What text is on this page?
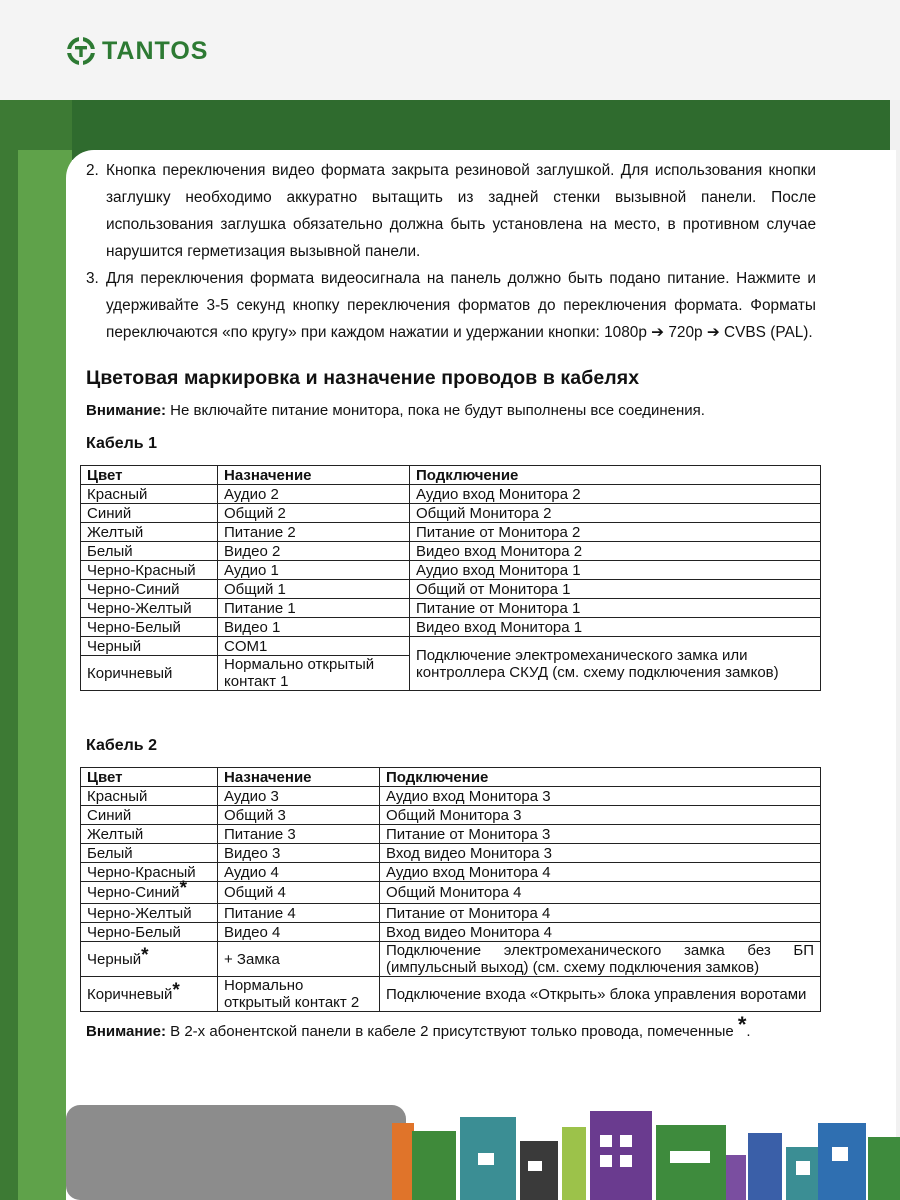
TANTOS
2. Кнопка переключения видео формата закрыта резиновой заглушкой. Для использования кнопки заглушку необходимо аккуратно вытащить из задней стенки вызывной панели. После использования заглушка обязательно должна быть установлена на место, в противном случае нарушится герметизация вызывной панели.
3. Для переключения формата видеосигнала на панель должно быть подано питание. Нажмите и удерживайте 3-5 секунд кнопку переключения форматов до переключения формата. Форматы переключаются «по кругу» при каждом нажатии и удержании кнопки: 1080р ➔ 720р ➔ CVBS (PAL).
Цветовая маркировка и назначение проводов в кабелях
Внимание: Не включайте питание монитора, пока не будут выполнены все соединения.
Кабель 1
Цвет	Назначение	Подключение
Красный	Аудио 2	Аудио вход Монитора 2
Синий	Общий 2	Общий Монитора 2
Желтый	Питание 2	Питание от Монитора 2
Белый	Видео 2	Видео вход Монитора 2
Черно-Красный	Аудио 1	Аудио вход Монитора 1
Черно-Синий	Общий 1	Общий от Монитора 1
Черно-Желтый	Питание 1	Питание от Монитора 1
Черно-Белый	Видео 1	Видео вход Монитора 1
Черный	COM1	Подключение электромеханического замка или контроллера СКУД (см. схему подключения замков)
Коричневый	Нормально открытый контакт 1	
Кабель 2
Цвет	Назначение	Подключение
Красный	Аудио 3	Аудио вход Монитора 3
Синий	Общий 3	Общий Монитора 3
Желтый	Питание 3	Питание от Монитора 3
Белый	Видео 3	Вход видео Монитора 3
Черно-Красный	Аудио 4	Аудио вход Монитора 4
Черно-Синий*	Общий 4	Общий Монитора 4
Черно-Желтый	Питание 4	Питание от Монитора 4
Черно-Белый	Видео 4	Вход видео Монитора 4
Черный*	+ Замка	Подключение электромеханического замка без БП (импульсный выход) (см. схему подключения замков)
Коричневый*	Нормально открытый контакт 2	Подключение входа «Открыть» блока управления воротами
Внимание: В 2-х абонентской панели в кабеле 2 присутствуют только провода, помеченные *.
